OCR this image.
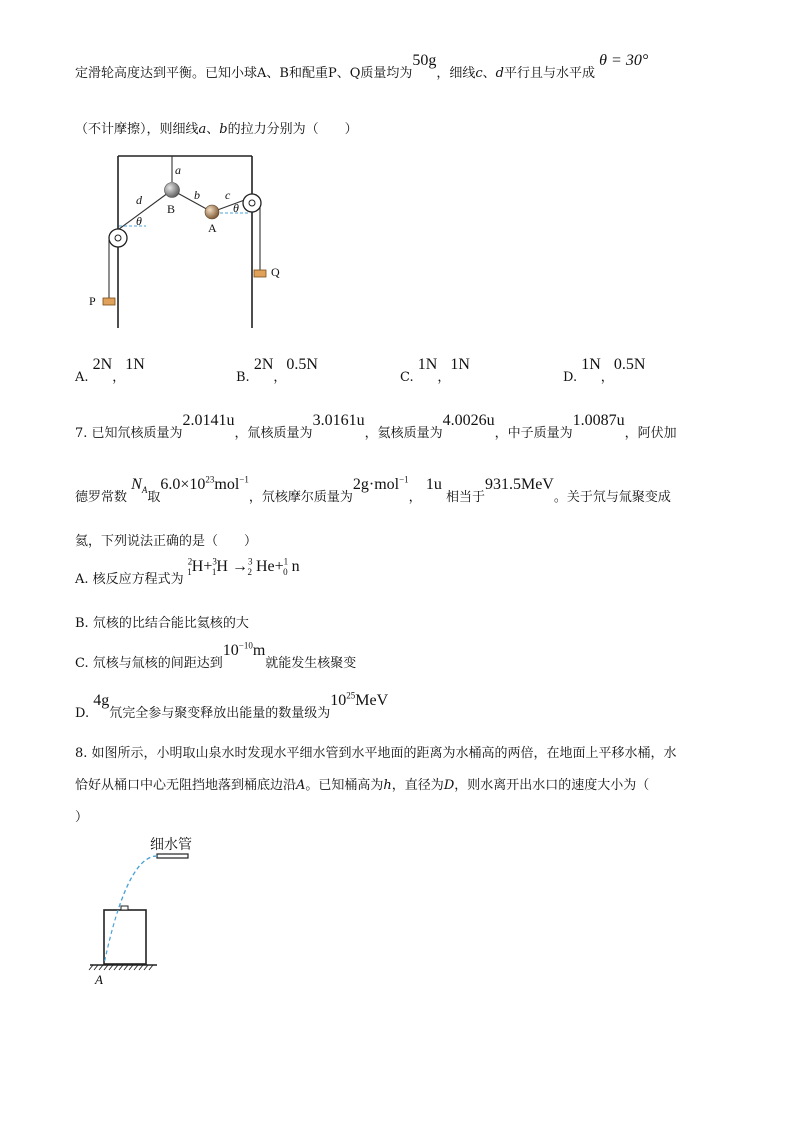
定滑轮高度达到平衡。已知小球A、B和配重P、Q质量均为50g，细线c、d平行且与水平成 θ = 30°
（不计摩擦），则细线a、b的拉力分别为（　　）
a
b c
d
B
A
θ
θ
P
Q
A. 2N，1N
B. 2N，0.5N
C. 1N，1N
D. 1N，0.5N
7. 已知氘核质量为2.0141u，氚核质量为3.0161u，氦核质量为4.0026u，中子质量为1.0087u，阿伏加
德罗常数 $N_A$取$6.0\times 10^{23}mol^{-1}$，氘核摩尔质量为2g·mol$^{-1}$， 1u 相当于931.5MeV。关于氘与氚聚变成
氦，下列说法正确的是（　　）
A. 核反应方程式为 $^2_1$H+$^3_1$H →$^3_2$ He+$^1_0$ n
B. 氘核的比结合能比氦核的大
C. 氘核与氚核的间距达到$10^{-10}m$就能发生核聚变
D. 4g氘完全参与聚变释放出能量的数量级为$10^{25}MeV$
8. 如图所示，小明取山泉水时发现水平细水管到水平地面的距离为水桶高的两倍，在地面上平移水桶，水
恰好从桶口中心无阻挡地落到桶底边沿A。已知桶高为h，直径为D，则水离开出水口的速度大小为（
）
细水管
A
